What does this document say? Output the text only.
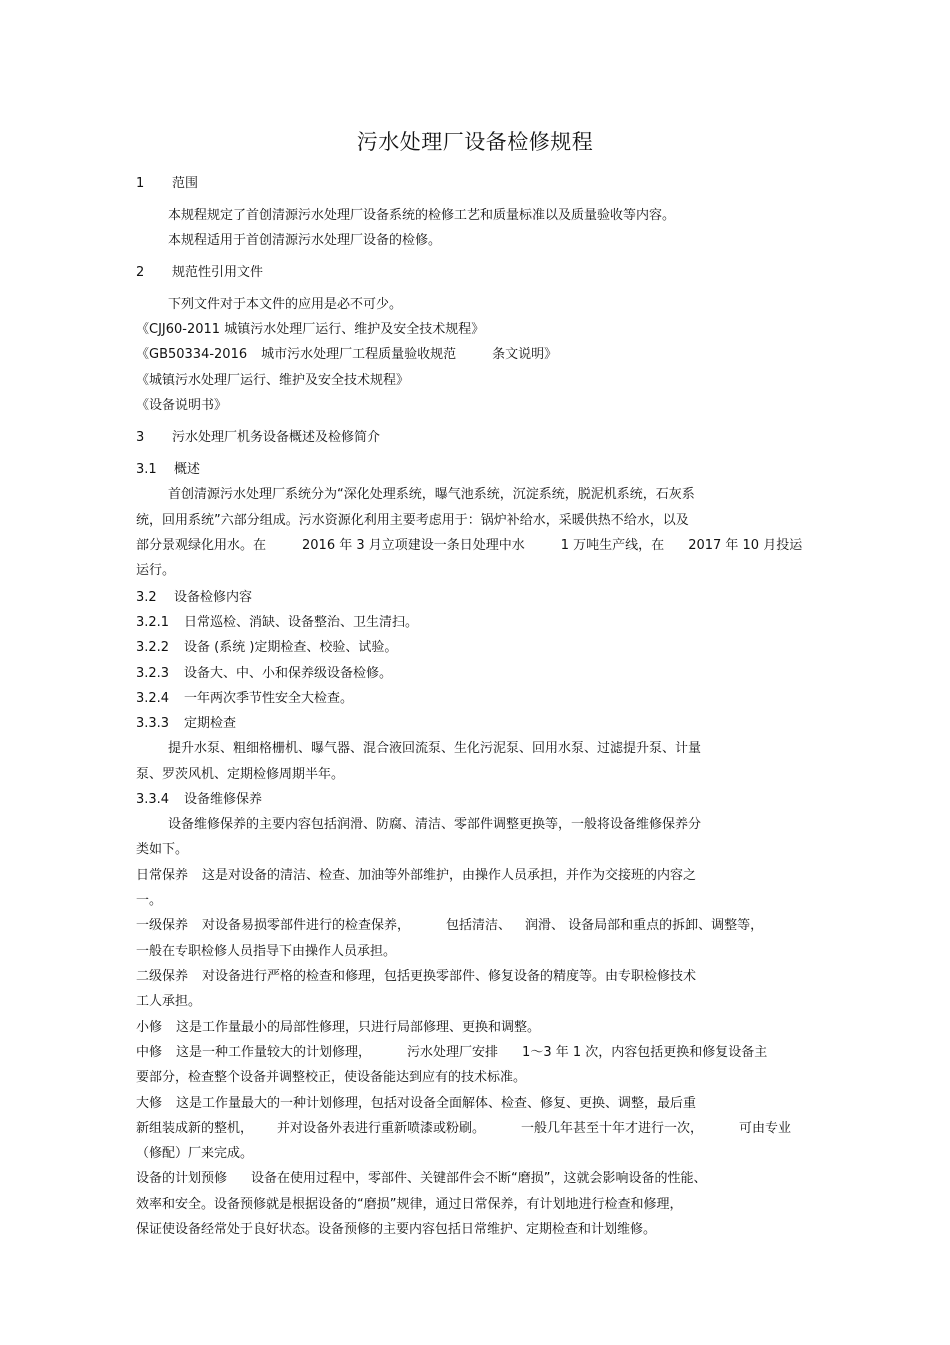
污水处理厂设备检修规程
1 范围
本规程规定了首创清源污水处理厂设备系统的检修工艺和质量标准以及质量验收等内容。
本规程适用于首创清源污水处理厂设备的检修。
2 规范性引用文件
下列文件对于本文件的应用是必不可少。
《CJJ60-2011 城镇污水处理厂运行、维护及安全技术规程》
《GB50334-2016 城市污水处理厂工程质量验收规范	条文说明》
《城镇污水处理厂运行、维护及安全技术规程》
《设备说明书》
3 污水处理厂机务设备概述及检修简介
3.1 概述
首创清源污水处理厂系统分为“深化处理系统，曝气池系统，沉淀系统，脱泥机系统，石灰系
统，回用系统”六部分组成。污水资源化利用主要考虑用于：锅炉补给水，采暖供热不给水，以及
部分景观绿化用水。在	2016 年 3 月立项建设一条日处理中水	1 万吨生产线，在 2017 年 10 月投运
运行。
3.2 设备检修内容
3.2.1 日常巡检、消缺、设备整治、卫生清扫。
3.2.2 设备 (系统 )定期检查、校验、试验。
3.2.3 设备大、中、小和保养级设备检修。
3.2.4 一年两次季节性安全大检查。
3.3.3 定期检查
提升水泵、粗细格栅机、曝气器、混合液回流泵、生化污泥泵、回用水泵、过滤提升泵、计量
泵、罗茨风机、定期检修周期半年。
3.3.4 设备维修保养
设备维修保养的主要内容包括润滑、防腐、清洁、零部件调整更换等，一般将设备维修保养分
类如下。
日常保养 这是对设备的清洁、检查、加油等外部维护，由操作人员承担，并作为交接班的内容之
一。
一级保养 对设备易损零部件进行的检查保养，	包括清洁、 润滑、 设备局部和重点的拆卸、调整等，
一般在专职检修人员指导下由操作人员承担。
二级保养 对设备进行严格的检查和修理，包括更换零部件、修复设备的精度等。由专职检修技术
工人承担。
小修 这是工作量最小的局部性修理，只进行局部修理、更换和调整。
中修 这是一种工作量较大的计划修理，	污水处理厂安排 1～3 年 1 次，内容包括更换和修复设备主
要部分，检查整个设备并调整校正，使设备能达到应有的技术标准。
大修 这是工作量最大的一种计划修理，包括对设备全面解体、检查、修复、更换、调整，最后重
新组装成新的整机， 并对设备外表进行重新喷漆或粉刷。	一般几年甚至十年才进行一次，	可由专业
（修配）厂来完成。
设备的计划预修 设备在使用过程中，零部件、关键部件会不断“磨损”，这就会影响设备的性能、
效率和安全。设备预修就是根据设备的“磨损”规律，通过日常保养，有计划地进行检查和修理，
保证使设备经常处于良好状态。设备预修的主要内容包括日常维护、定期检查和计划维修。
